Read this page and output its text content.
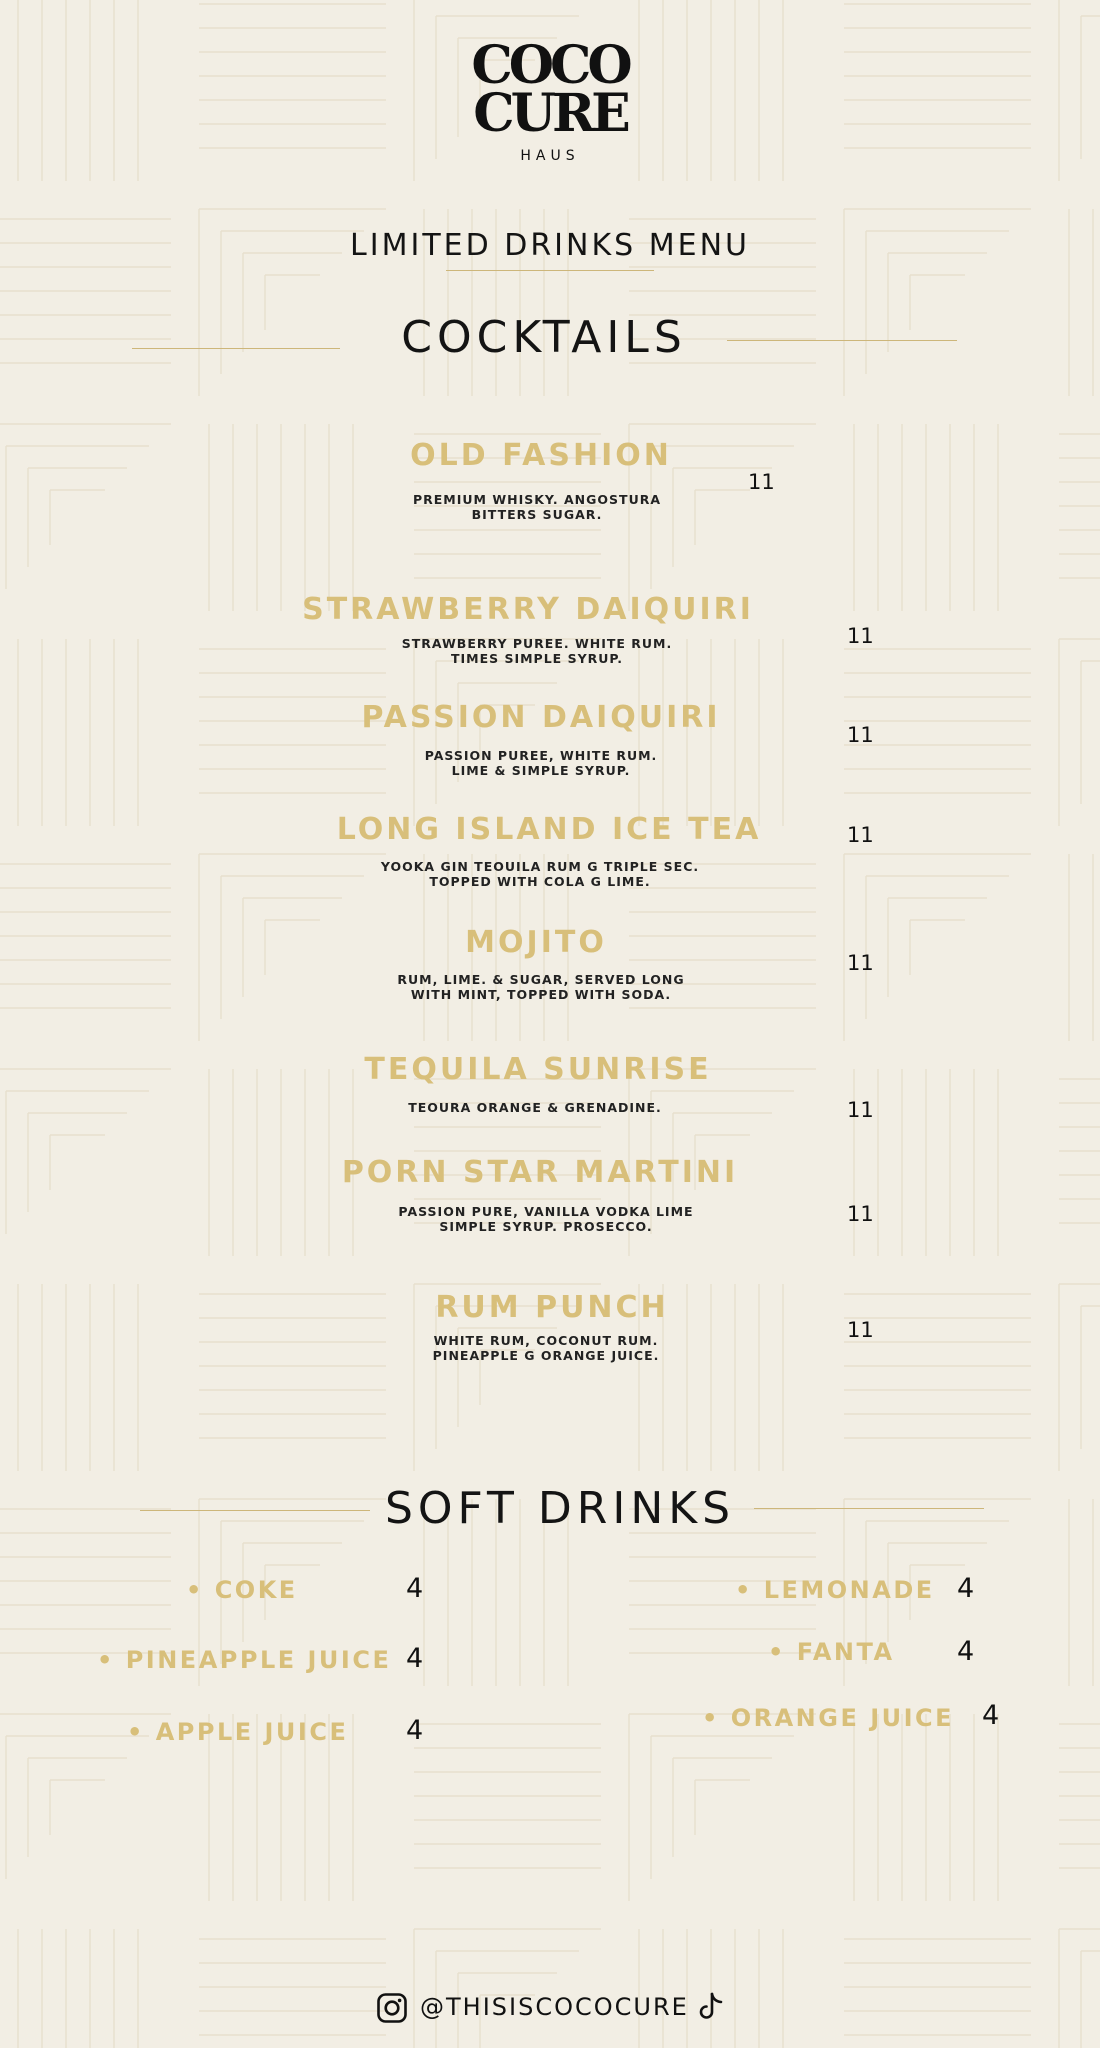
COCO
CURE
HAUS
LIMITED DRINKS MENU
COCKTAILS
OLD FASHION
PREMIUM WHISKY. ANGOSTURA
BITTERS SUGAR.
11
STRAWBERRY DAIQUIRI
STRAWBERRY PUREE. WHITE RUM.
TIMES SIMPLE SYRUP.
11
PASSION DAIQUIRI
PASSION PUREE, WHITE RUM.
LIME & SIMPLE SYRUP.
11
LONG ISLAND ICE TEA
YOOKA GIN TEOUILA RUM G TRIPLE SEC.
TOPPED WITH COLA G LIME.
11
MOJITO
RUM, LIME. & SUGAR, SERVED LONG
WITH MINT, TOPPED WITH SODA.
11
TEQUILA SUNRISE
TEOURA ORANGE & GRENADINE.	11
PORN STAR MARTINI
PASSION PURE, VANILLA VODKA LIME
SIMPLE SYRUP. PROSECCO.
11
RUM PUNCH
WHITE RUM, COCONUT RUM.
PINEAPPLE G ORANGE JUICE.
11
SOFT DRINKS
• COKE	4
• PINEAPPLE JUICE 4
• APPLE JUICE 4
• LEMONADE 4
• FANTA 4
• ORANGE JUICE 4
@THISISCOCOCURE
